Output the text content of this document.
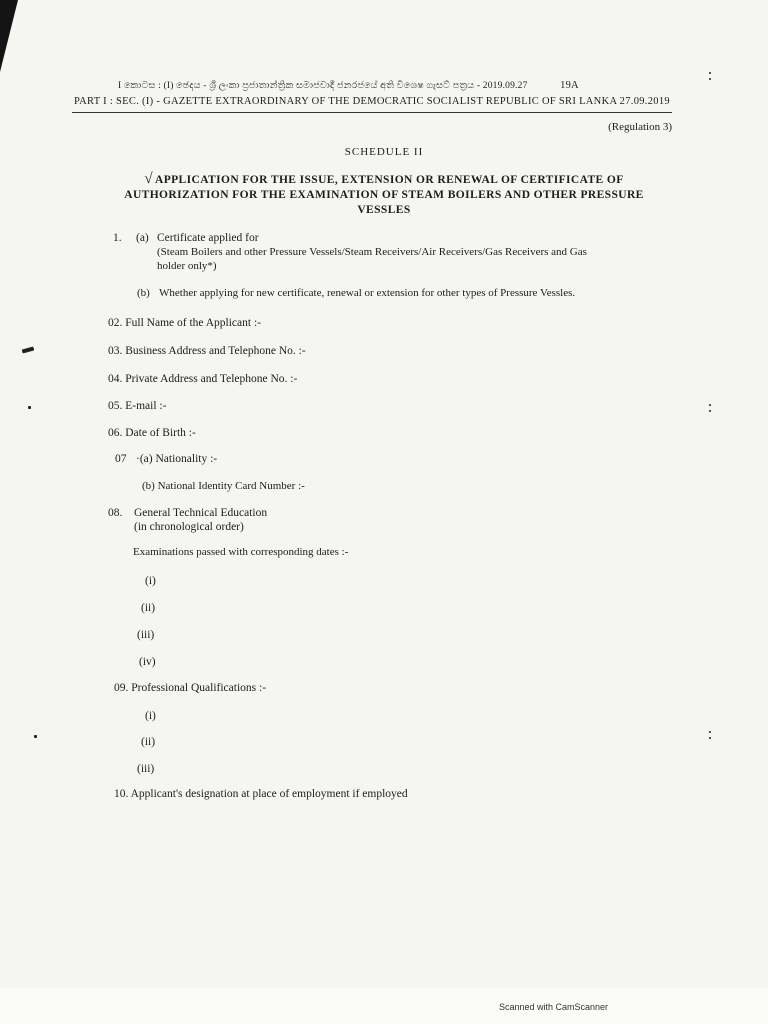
I කොටස : (I) ඡෙදය - ශ්‍රී ලංකා ප්‍රජාතාන්ත්‍රික සමාජවාදී ජනරජයේ අති විශෙෂ ගැසට් පත්‍රය - 2019.09.27	19A
PART I : SEC. (I) - GAZETTE EXTRAORDINARY OF THE DEMOCRATIC SOCIALIST REPUBLIC OF SRI LANKA 27.09.2019
(Regulation 3)
SCHEDULE II
√ APPLICATION FOR THE ISSUE, EXTENSION OR RENEWAL OF CERTIFICATE OF
AUTHORIZATION FOR THE EXAMINATION OF STEAM BOILERS AND OTHER PRESSURE
VESSLES
1. (a) Certificate applied for
(Steam Boilers and other Pressure Vessels/Steam Receivers/Air Receivers/Gas Receivers and Gas
holder only*)
(b) Whether applying for new certificate, renewal or extension for other types of Pressure Vessles.
02. Full Name of the Applicant :-
03. Business Address and Telephone No. :-
04. Private Address and Telephone No. :-
05. E-mail :-
06. Date of Birth :-
07 ·(a) Nationality :-
(b) National Identity Card Number :-
08. General Technical Education
(in chronological order)
Examinations passed with corresponding dates :-
(i)
(ii)
(iii)
(iv)
09. Professional Qualifications :-
(i)
(ii)
(iii)
10. Applicant's designation at place of employment if employed
Scanned with CamScanner
